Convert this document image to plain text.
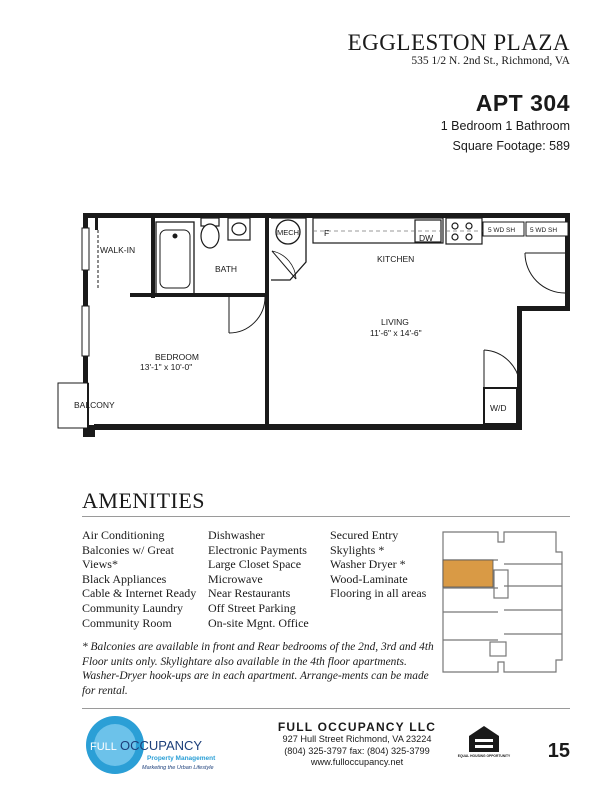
EGGLESTON PLAZA
535 1/2 N. 2nd St., Richmond, VA
APT 304
1 Bedroom 1 Bathroom
Square Footage: 589
WALK-IN
BATH
MECH	F	DW
KITCHEN
5 WD SH 5 WD SH
LIVING
11'-6" x 14'-6"
BEDROOM
13'-1" x 10'-0"
BALCONY	W/D
AMENITIES
Air Conditioning
Balconies w/ Great
Views*
Black Appliances
Cable & Internet Ready
Community Laundry
Community Room
Dishwasher
Electronic Payments
Large Closet Space
Microwave
Near Restaurants
Off Street Parking
On-site Mgnt. Office
Secured Entry
Skylights *
Washer Dryer *
Wood-Laminate
Flooring in all areas
* Balconies are available in front and Rear bedrooms of the 2nd, 3rd and 4th Floor units only. Skylightare also available in the 4th floor apartments. Washer-Dryer hook-ups are in each apartment. Arrange-ments can be made for rental.
FULL OCCUPANCY
Property Management
Marketing the Urban Lifestyle
FULL OCCUPANCY LLC
927 Hull Street Richmond, VA 23224
(804) 325-3797 fax: (804) 325-3799
www.fulloccupancy.net
EQUAL HOUSING OPPORTUNITY 15
